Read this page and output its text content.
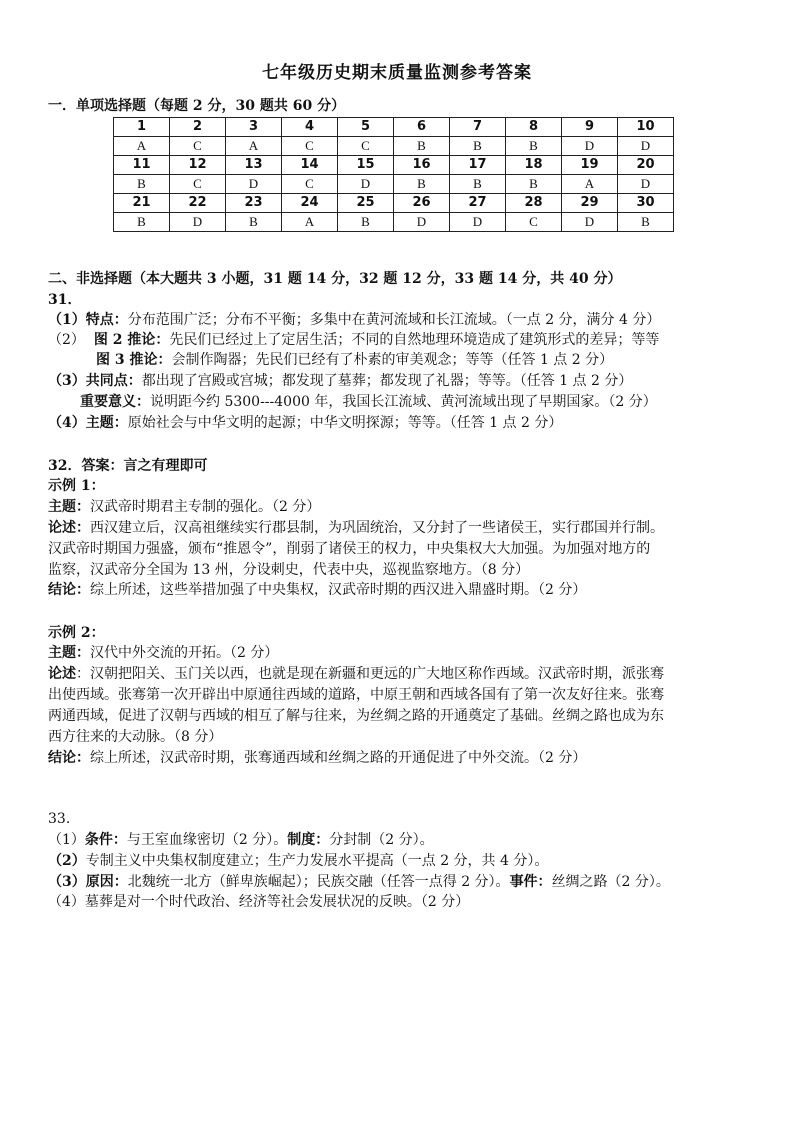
七年级历史期末质量监测参考答案
一．单项选择题（每题 2 分，30 题共 60 分）
1	2	3	4	5	6	7	8	9	10
A	C	A	C	C	B	B	B	D	D
11	12	13	14	15	16	17	18	19	20
B	C	D	C	D	B	B	B	A	D
21	22	23	24	25	26	27	28	29	30
B	D	B	A	B	D	D	C	D	B
二、非选择题（本大题共 3 小题，31 题 14 分，32 题 12 分，33 题 14 分，共 40 分）
31．
（1）特点：分布范围广泛；分布不平衡；多集中在黄河流域和长江流域。（一点 2 分，满分 4 分）
（2） 图 2 推论：先民们已经过上了定居生活；不同的自然地理环境造成了建筑形式的差异；等等
图 3 推论：会制作陶器；先民们已经有了朴素的审美观念；等等（任答 1 点 2 分）
（3）共同点：都出现了宫殿或宫城；都发现了墓葬；都发现了礼器；等等。（任答 1 点 2 分）
重要意义：说明距今约 5300---4000 年，我国长江流域、黄河流域出现了早期国家。（2 分）
（4）主题：原始社会与中华文明的起源；中华文明探源；等等。（任答 1 点 2 分）
32．答案：言之有理即可
示例 1：
主题：汉武帝时期君主专制的强化。（2 分）
论述：西汉建立后，汉高祖继续实行郡县制，为巩固统治，又分封了一些诸侯王，实行郡国并行制。
汉武帝时期国力强盛，颁布“推恩令”，削弱了诸侯王的权力，中央集权大大加强。为加强对地方的
监察，汉武帝分全国为 13 州，分设刺史，代表中央，巡视监察地方。（8 分）
结论：综上所述，这些举措加强了中央集权，汉武帝时期的西汉进入鼎盛时期。（2 分）
示例 2：
主题：汉代中外交流的开拓。（2 分）
论述：汉朝把阳关、玉门关以西，也就是现在新疆和更远的广大地区称作西域。汉武帝时期，派张骞
出使西域。张骞第一次开辟出中原通往西域的道路，中原王朝和西域各国有了第一次友好往来。张骞
两通西域，促进了汉朝与西域的相互了解与往来，为丝绸之路的开通奠定了基础。丝绸之路也成为东
西方往来的大动脉。（8 分）
结论：综上所述，汉武帝时期，张骞通西域和丝绸之路的开通促进了中外交流。（2 分）
33.
（1）条件：与王室血缘密切（2 分）。制度：分封制（2 分）。
（2）专制主义中央集权制度建立；生产力发展水平提高（一点 2 分，共 4 分）。
（3）原因：北魏统一北方（鲜卑族崛起）；民族交融（任答一点得 2 分）。事件：丝绸之路（2 分）。
（4）墓葬是对一个时代政治、经济等社会发展状况的反映。（2 分）
